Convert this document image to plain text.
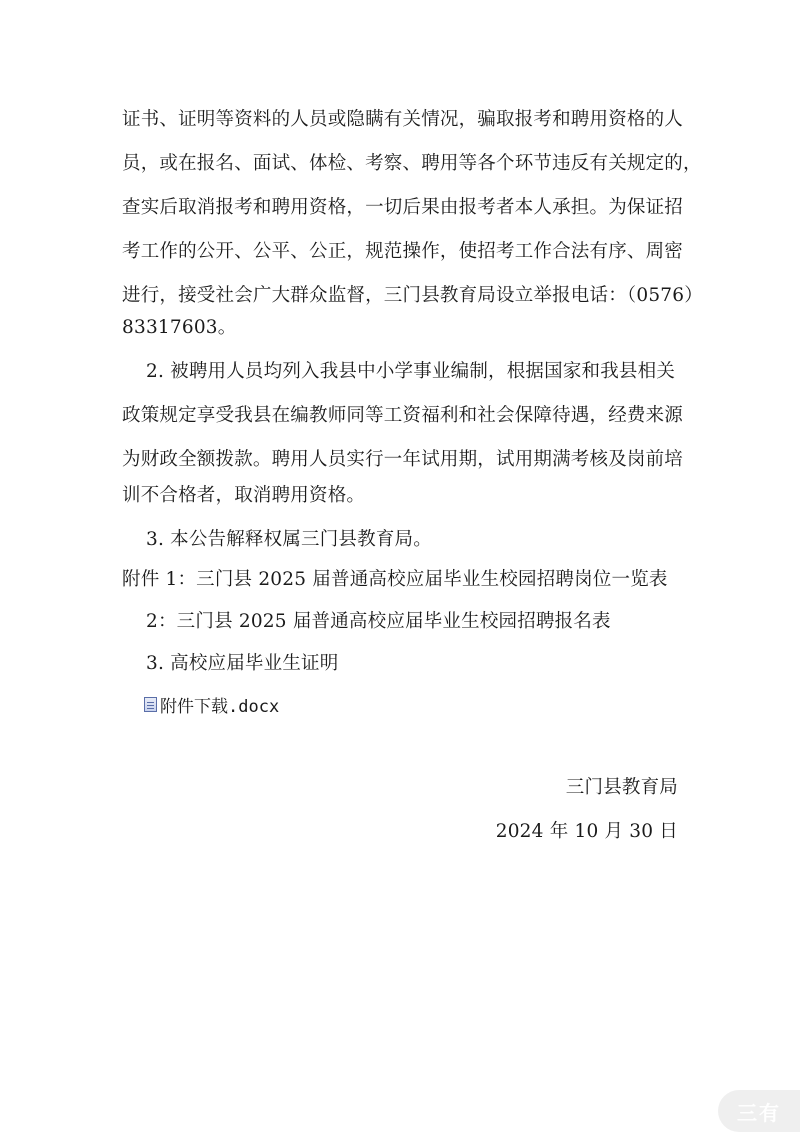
证书、证明等资料的人员或隐瞒有关情况，骗取报考和聘用资格的人
员，或在报名、面试、体检、考察、聘用等各个环节违反有关规定的，
查实后取消报考和聘用资格，一切后果由报考者本人承担。为保证招
考工作的公开、公平、公正，规范操作，使招考工作合法有序、周密
进行，接受社会广大群众监督，三门县教育局设立举报电话：（0576）
83317603。
2. 被聘用人员均列入我县中小学事业编制，根据国家和我县相关
政策规定享受我县在编教师同等工资福利和社会保障待遇，经费来源
为财政全额拨款。聘用人员实行一年试用期，试用期满考核及岗前培
训不合格者，取消聘用资格。
3. 本公告解释权属三门县教育局。
附件 1：三门县 2025 届普通高校应届毕业生校园招聘岗位一览表
2：三门县 2025 届普通高校应届毕业生校园招聘报名表
3. 高校应届毕业生证明
附件下载.docx
三门县教育局
2024 年 10 月 30 日
三有
